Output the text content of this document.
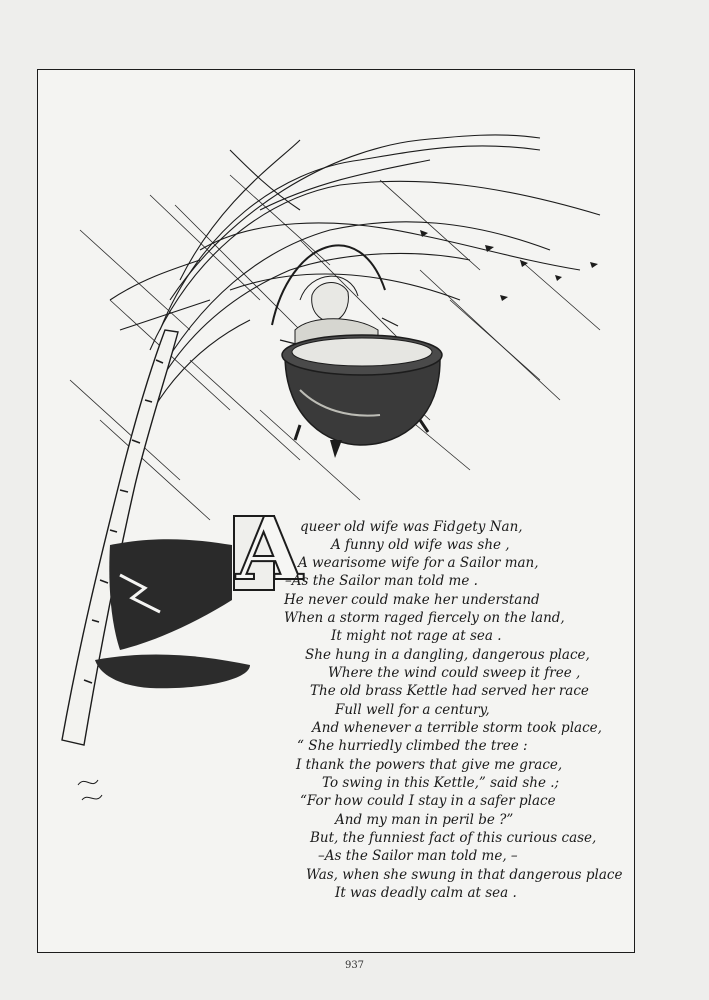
A
queer old wife was Fidgety Nan,
A funny old wife was she ,
A wearisome wife for a Sailor man,
–As the Sailor man told me .
He never could make her understand
When a storm raged fiercely on the land,
It might not rage at sea .
She hung in a dangling, dangerous place,
Where the wind could sweep it free ,
The old brass Kettle had served her race
Full well for a century,
And whenever a terrible storm took place,
“ She hurriedly climbed the tree :
I thank the powers that give me grace,
To swing in this Kettle,” said she .;
“For how could I stay in a safer place
And my man in peril be ?”
But, the funniest fact of this curious case,
–As the Sailor man told me, –
Was, when she swung in that dangerous place
It was deadly calm at sea .
937
